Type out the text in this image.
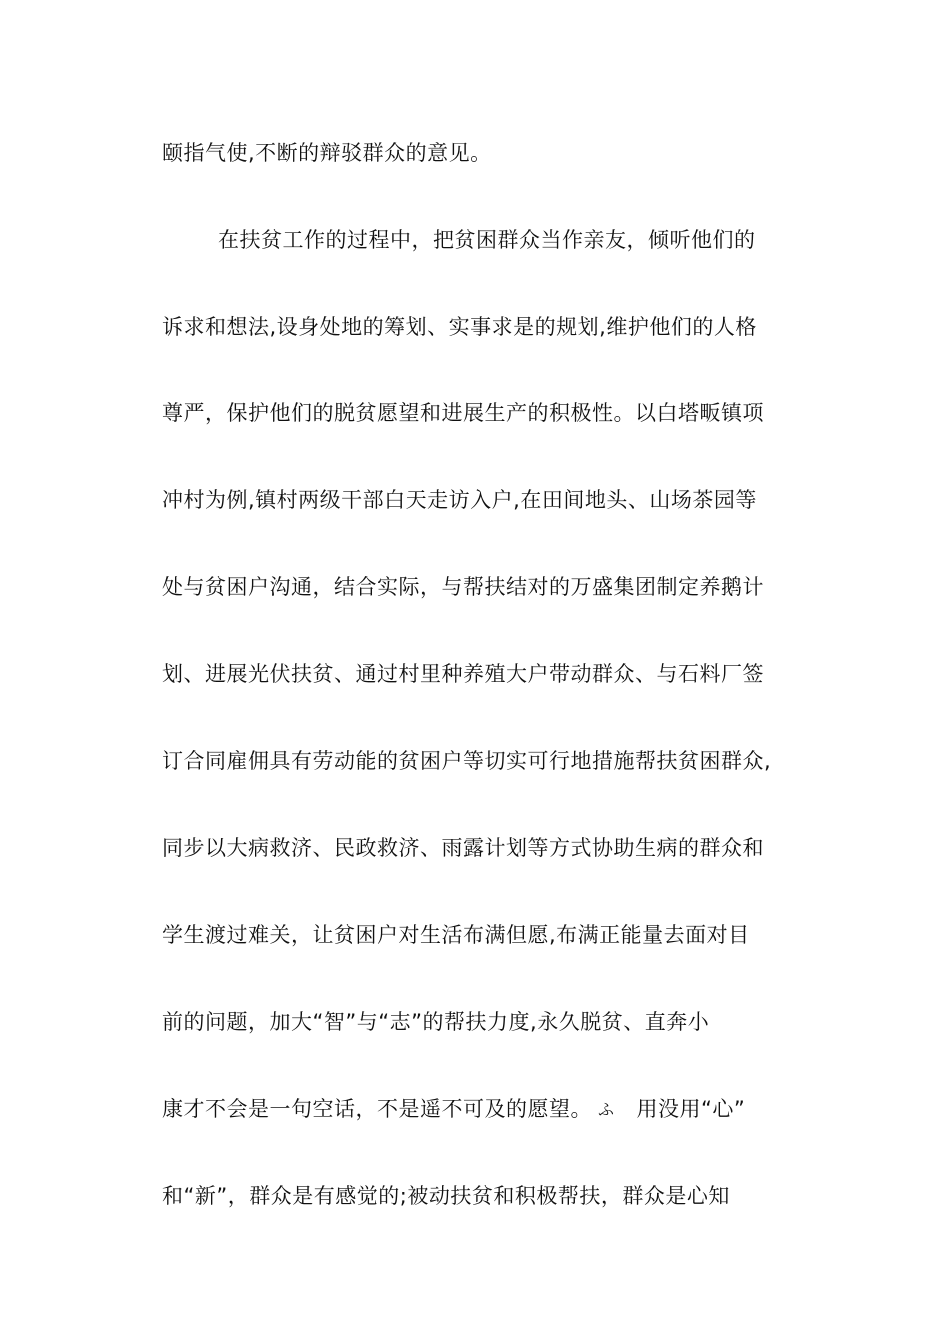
颐指气使,不断的辩驳群众的意见。
在扶贫工作的过程中，把贫困群众当作亲友，倾听他们的
诉求和想法,设身处地的筹划、实事求是的规划,维护他们的人格
尊严，保护他们的脱贫愿望和进展生产的积极性。以白塔畈镇项
冲村为例,镇村两级干部白天走访入户,在田间地头、山场茶园等
处与贫困户沟通，结合实际，与帮扶结对的万盛集团制定养鹅计
划、进展光伏扶贫、通过村里种养殖大户带动群众、与石料厂签
订合同雇佣具有劳动能的贫困户等切实可行地措施帮扶贫困群众,
同步以大病救济、民政救济、雨露计划等方式协助生病的群众和
学生渡过难关，让贫困户对生活布满但愿,布满正能量去面对目
前的问题，加大“智”与“志”的帮扶力度,永久脱贫、直奔小
康才不会是一句空话，不是遥不可及的愿望。 ふ 用没用“心”
和“新”，群众是有感觉的;被动扶贫和积极帮扶，群众是心知
